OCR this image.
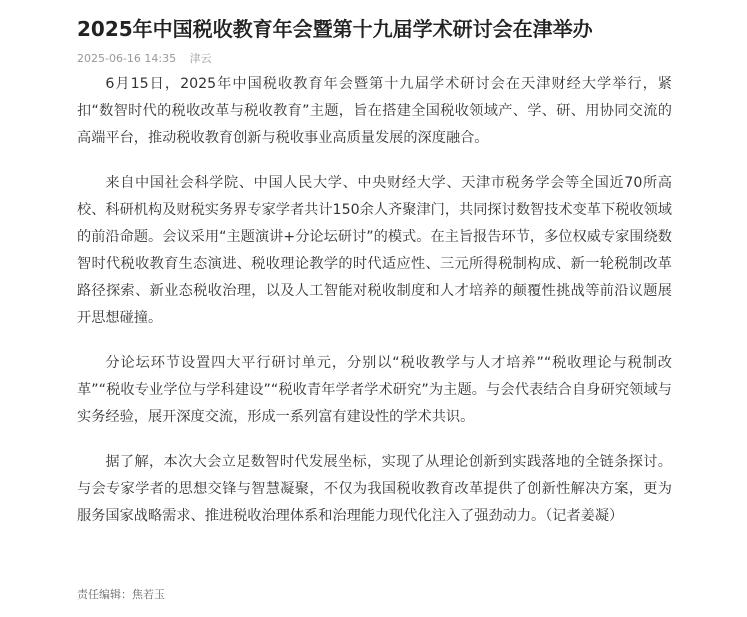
2025年中国税收教育年会暨第十九届学术研讨会在津举办
2025-06-16 14:35 津云

6月15日，2025年中国税收教育年会暨第十九届学术研讨会在天津财经大学举行，紧扣“数智时代的税收改革与税收教育”主题，旨在搭建全国税收领域产、学、研、用协同交流的高端平台，推动税收教育创新与税收事业高质量发展的深度融合。

来自中国社会科学院、中国人民大学、中央财经大学、天津市税务学会等全国近70所高校、科研机构及财税实务界专家学者共计150余人齐聚津门，共同探讨数智技术变革下税收领域的前沿命题。会议采用“主题演讲+分论坛研讨”的模式。在主旨报告环节，多位权威专家围绕数智时代税收教育生态演进、税收理论教学的时代适应性、三元所得税制构成、新一轮税制改革路径探索、新业态税收治理，以及人工智能对税收制度和人才培养的颠覆性挑战等前沿议题展开思想碰撞。

分论坛环节设置四大平行研讨单元，分别以“税收教学与人才培养”“税收理论与税制改革”“税收专业学位与学科建设”“税收青年学者学术研究”为主题。与会代表结合自身研究领域与实务经验，展开深度交流，形成一系列富有建设性的学术共识。

据了解，本次大会立足数智时代发展坐标，实现了从理论创新到实践落地的全链条探讨。与会专家学者的思想交锋与智慧凝聚，不仅为我国税收教育改革提供了创新性解决方案，更为服务国家战略需求、推进税收治理体系和治理能力现代化注入了强劲动力。（记者姜凝）

责任编辑：焦若玉
